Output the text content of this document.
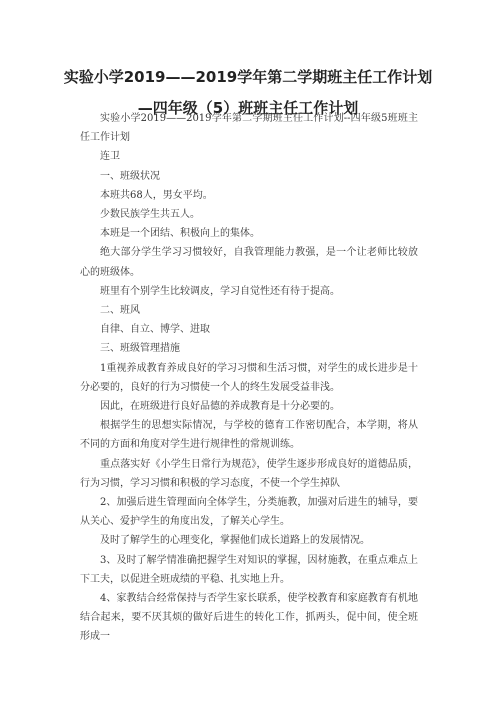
实验小学2019——2019学年第二学期班主任工作计划—四年级（5）班班主任工作计划

实验小学2019——2019学年第二学期班主任工作计划--四年级5班班主任工作计划

连卫

一、班级状况

本班共68人，男女平均。

少数民族学生共五人。

本班是一个团结、积极向上的集体。

绝大部分学生学习习惯较好，自我管理能力教强，是一个让老师比较放心的班级体。

班里有个别学生比较调皮，学习自觉性还有待于提高。

二、班风

自律、自立、博学、进取

三、班级管理措施

1重视养成教育养成良好的学习习惯和生活习惯，对学生的成长进步是十分必要的，良好的行为习惯使一个人的终生发展受益非浅。

因此，在班级进行良好品德的养成教育是十分必要的。

根据学生的思想实际情况，与学校的德育工作密切配合，本学期，将从不同的方面和角度对学生进行规律性的常规训练。

重点落实好《小学生日常行为规范》，使学生逐步形成良好的道德品质，行为习惯，学习习惯和积极的学习态度，不使一个学生掉队

2、加强后进生管理面向全体学生，分类施教，加强对后进生的辅导，要从关心、爱护学生的角度出发，了解关心学生。

及时了解学生的心理变化，掌握他们成长道路上的发展情况。

3、及时了解学情准确把握学生对知识的掌握，因材施教，在重点难点上下工夫，以促进全班成绩的平稳、扎实地上升。

4、家教结合经常保持与否学生家长联系，使学校教育和家庭教育有机地结合起来，要不厌其烦的做好后进生的转化工作，抓两头，促中间，使全班形成一
